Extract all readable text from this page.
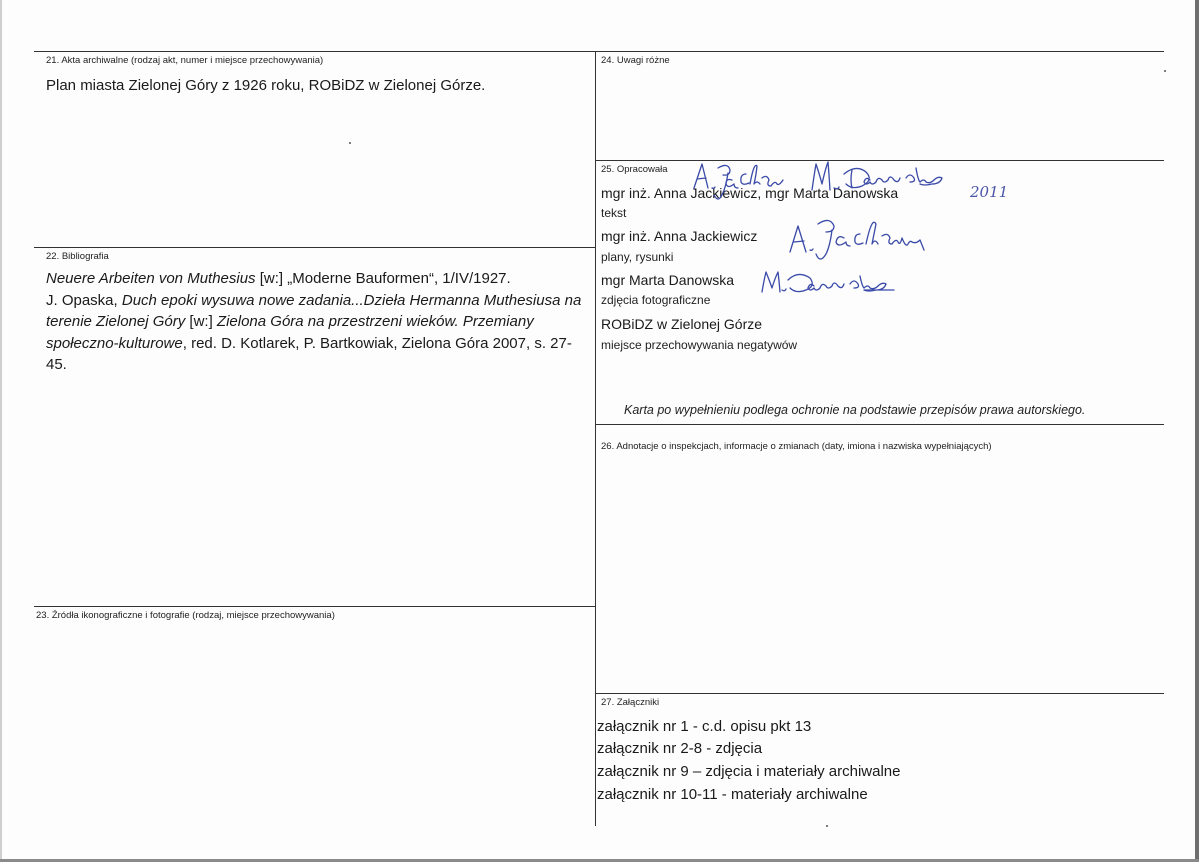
21. Akta archiwalne (rodzaj akt, numer i miejsce przechowywania)
Plan miasta Zielonej Góry z 1926 roku, ROBiDZ w Zielonej Górze.
24. Uwagi różne
25. Opracowała
mgr inż. Anna Jackiewicz, mgr Marta Danowska
tekst
2011
mgr inż. Anna Jackiewicz
plany, rysunki
mgr Marta Danowska
zdjęcia fotograficzne
ROBiDZ w Zielonej Górze
miejsce przechowywania negatywów
Karta po wypełnieniu podlega ochronie na podstawie przepisów prawa autorskiego.
22. Bibliografia

Neuere Arbeiten von Muthesius [w:] „Moderne Bauformen“, 1/IV/1927.

J. Opaska, Duch epoki wysuwa nowe zadania...Dzieła Hermanna Muthesiusa na terenie Zielonej Góry [w:] Zielona Góra na przestrzeni wieków. Przemiany społeczno-kulturowe, red. D. Kotlarek, P. Bartkowiak, Zielona Góra 2007, s. 27-45.

26. Adnotacje o inspekcjach, informacje o zmianach (daty, imiona i nazwiska wypełniających)
23. Źródła ikonograficzne i fotografie (rodzaj, miejsce przechowywania)
27. Załączniki
załącznik nr 1 - c.d. opisu pkt 13
załącznik nr 2-8 - zdjęcia
załącznik nr 9 – zdjęcia i materiały archiwalne
załącznik nr 10-11 - materiały archiwalne
